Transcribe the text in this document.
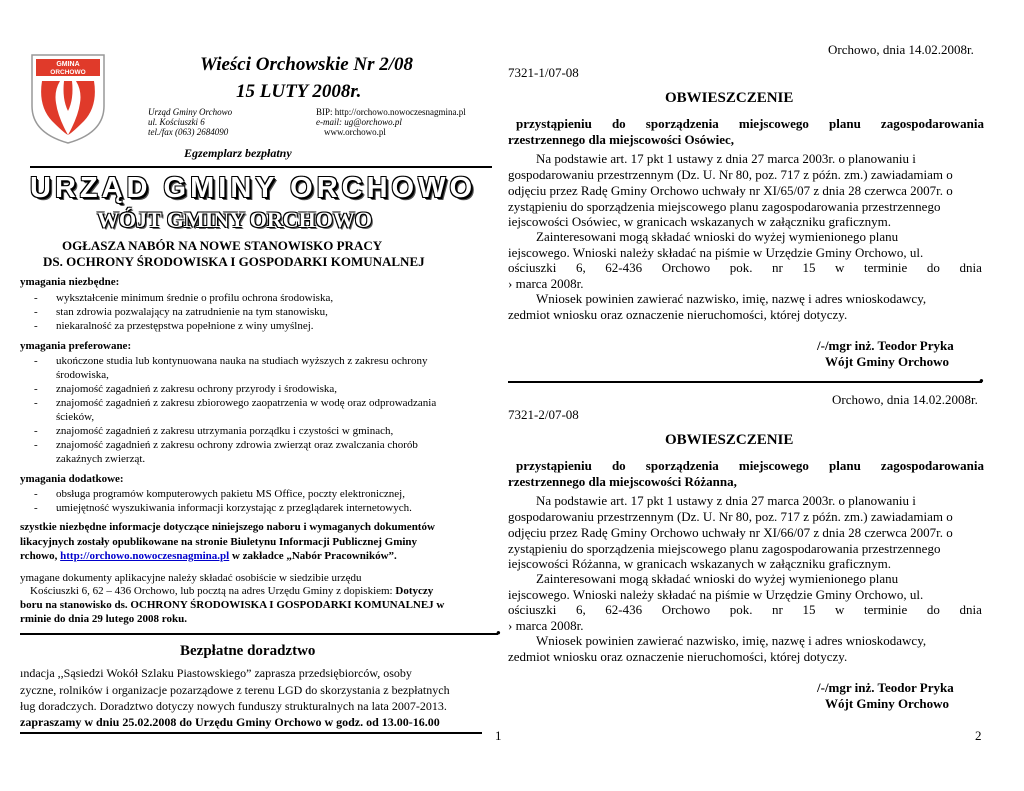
GMINA
ORCHOWO	Wieści Orchowskie Nr 2/08
15 LUTY 2008r.
Urząd Gminy Orchowo
ul. Kościuszki 6
tel./fax (063) 2684090
BIP: http://orchowo.nowoczesnagmina.pl
e-mail: ug@orchowo.pl
www.orchowo.pl
Egzemplarz bezpłatny
URZĄD GMINY ORCHOWO
WÓJT GMINY ORCHOWO
OGŁASZA NABÓR NA NOWE STANOWISKO PRACY
DS. OCHRONY ŚRODOWISKA I GOSPODARKI KOMUNALNEJ
ymagania niezbędne:
- wykształcenie minimum średnie o profilu ochrona środowiska,
- stan zdrowia pozwalający na zatrudnienie na tym stanowisku,
- niekaralność za przestępstwa popełnione z winy umyślnej.
ymagania preferowane:
- ukończone studia lub kontynuowana nauka na studiach wyższych z zakresu ochrony
środowiska,
- znajomość zagadnień z zakresu ochrony przyrody i środowiska,
- znajomość zagadnień z zakresu zbiorowego zaopatrzenia w wodę oraz odprowadzania
ścieków,
- znajomość zagadnień z zakresu utrzymania porządku i czystości w gminach,
- znajomość zagadnień z zakresu ochrony zdrowia zwierząt oraz zwalczania chorób
zakaźnych zwierząt.
ymagania dodatkowe:
- obsługa programów komputerowych pakietu MS Office, poczty elektronicznej,
- umiejętność wyszukiwania informacji korzystając z przeglądarek internetowych.
szystkie niezbędne informacje dotyczące niniejszego naboru i wymaganych dokumentów
likacyjnych zostały opublikowane na stronie Biuletynu Informacji Publicznej Gminy
rchowo, http://orchowo.nowoczesnagmina.pl w zakładce „Nabór Pracowników”.
ymagane dokumenty aplikacyjne należy składać osobiście w siedzibie urzędu
Kościuszki 6, 62 – 436 Orchowo, lub pocztą na adres Urzędu Gminy z dopiskiem: Dotyczy
boru na stanowisko ds. OCHRONY ŚRODOWISKA I GOSPODARKI KOMUNALNEJ w
rminie do dnia 29 lutego 2008 roku.
●
Bezpłatne doradztwo
ındacja ,,Sąsiedzi Wokół Szlaku Piastowskiego” zaprasza przedsiębiorców, osoby
zyczne, rolników i organizacje pozarządowe z terenu LGD do skorzystania z bezpłatnych
ług doradczych. Doradztwo dotyczy nowych funduszy strukturalnych na lata 2007-2013.
zapraszamy w dniu 25.02.2008 do Urzędu Gminy Orchowo w godz. od 13.00-16.00
1
Orchowo, dnia 14.02.2008r.
7321-1/07-08
OBWIESZCZENIE
przystąpieniu do sporządzenia miejscowego planu zagospodarowania
rzestrzennego dla miejscowości Osówiec,
Na podstawie art. 17 pkt 1 ustawy z dnia 27 marca 2003r. o planowaniu i
gospodarowaniu przestrzennym (Dz. U. Nr 80, poz. 717 z późn. zm.) zawiadamiam o
odjęciu przez Radę Gminy Orchowo uchwały nr XI/65/07 z dnia 28 czerwca 2007r. o
zystąpieniu do sporządzenia miejscowego planu zagospodarowania przestrzennego
iejscowości Osówiec, w granicach wskazanych w załączniku graficznym.
Zainteresowani mogą składać wnioski do wyżej wymienionego planu
iejscowego. Wnioski należy składać na piśmie w Urzędzie Gminy Orchowo, ul.
ościuszki 6, 62-436 Orchowo pok. nr 15 w terminie do dnia
› marca 2008r.
Wniosek powinien zawierać nazwisko, imię, nazwę i adres wnioskodawcy,
zedmiot wniosku oraz oznaczenie nieruchomości, której dotyczy.
/-/mgr inż. Teodor Pryka
Wójt Gminy Orchowo
●
Orchowo, dnia 14.02.2008r.
7321-2/07-08
OBWIESZCZENIE
przystąpieniu do sporządzenia miejscowego planu zagospodarowania
rzestrzennego dla miejscowości Różanna,
Na podstawie art. 17 pkt 1 ustawy z dnia 27 marca 2003r. o planowaniu i
gospodarowaniu przestrzennym (Dz. U. Nr 80, poz. 717 z późn. zm.) zawiadamiam o
odjęciu przez Radę Gminy Orchowo uchwały nr XI/66/07 z dnia 28 czerwca 2007r. o
zystąpieniu do sporządzenia miejscowego planu zagospodarowania przestrzennego
iejscowości Różanna, w granicach wskazanych w załączniku graficznym.
Zainteresowani mogą składać wnioski do wyżej wymienionego planu
iejscowego. Wnioski należy składać na piśmie w Urzędzie Gminy Orchowo, ul.
ościuszki 6, 62-436 Orchowo pok. nr 15 w terminie do dnia
› marca 2008r.
Wniosek powinien zawierać nazwisko, imię, nazwę i adres wnioskodawcy,
zedmiot wniosku oraz oznaczenie nieruchomości, której dotyczy.
/-/mgr inż. Teodor Pryka
Wójt Gminy Orchowo
2
